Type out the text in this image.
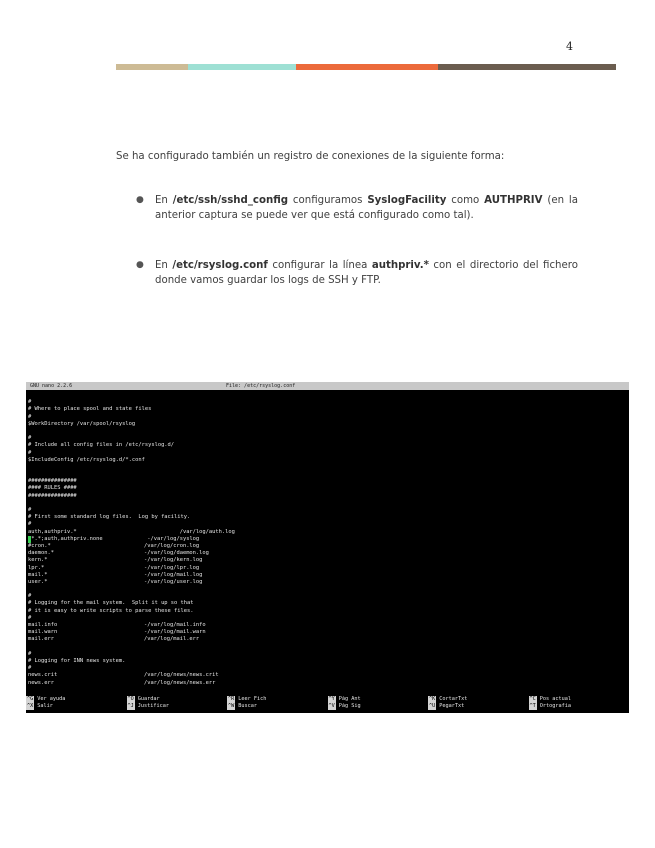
4
Se ha configurado también un registro de conexiones de la siguiente forma:
● En /etc/ssh/sshd_config configuramos SyslogFacility como AUTHPRIV (en la anterior captura se puede ver que está configurado como tal).
● En /etc/rsyslog.conf configurar la línea authpriv.* con el directorio del fichero donde vamos guardar los logs de SSH y FTP.
GNU nano 2.2.6	File: /etc/rsyslog.conf
#
# Where to place spool and state files
#
$WorkDirectory /var/spool/rsyslog
#
# Include all config files in /etc/rsyslog.d/
#
$IncludeConfig /etc/rsyslog.d/*.conf
###############
#### RULES ####
###############
#
# First some standard log files.  Log by facility.
#
auth,authpriv.*	/var/log/auth.log

*.*;auth,authpriv.none	-/var/log/syslog
#cron.*	/var/log/cron.log
daemon.*	-/var/log/daemon.log
kern.*	-/var/log/kern.log
lpr.*	-/var/log/lpr.log
mail.*	-/var/log/mail.log
user.*	-/var/log/user.log
#
# Logging for the mail system.  Split it up so that
# it is easy to write scripts to parse these files.
#
mail.info	-/var/log/mail.info
mail.warn	-/var/log/mail.warn
mail.err	/var/log/mail.err
#
# Logging for INN news system.
#
news.crit	/var/log/news/news.crit
news.err	/var/log/news/news.err
^G Ver ayuda	^O Guardar	^R Leer Fich	^Y Pág Ant	^K CortarTxt	^C Pos actual
^X Salir	^J Justificar	^W Buscar	^V Pág Sig	^U PegarTxt	^T Ortografía
